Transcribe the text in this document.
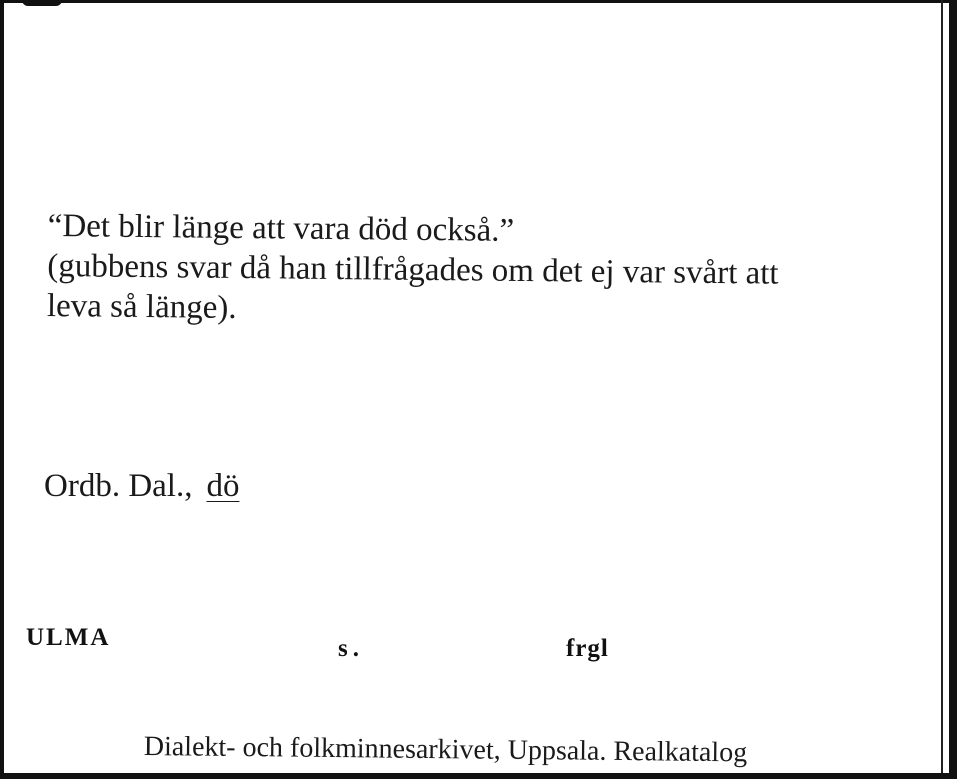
“Det blir länge att vara död också.”
(gubbens svar då han tillfrågades om det ej var svårt att
leva så länge).
Ordb. Dal., dö
ULMA	s.	frgl
Dialekt- och folkminnesarkivet, Uppsala. Realkatalog
